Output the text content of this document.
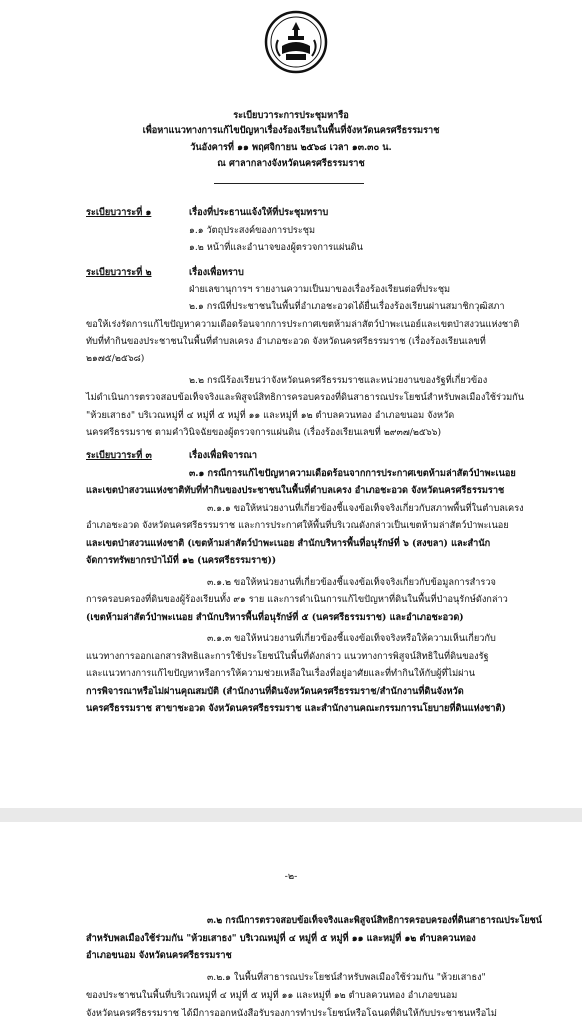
ระเบียบวาระการประชุมหารือ
เพื่อหาแนวทางการแก้ไขปัญหาเรื่องร้องเรียนในพื้นที่จังหวัดนครศรีธรรมราช
วันอังคารที่ ๑๑ พฤศจิกายน ๒๕๖๘ เวลา ๑๓.๓๐ น.
ณ ศาลากลางจังหวัดนครศรีธรรมราช
ระเบียบวาระที่ ๑	เรื่องที่ประธานแจ้งให้ที่ประชุมทราบ
๑.๑ วัตถุประสงค์ของการประชุม
๑.๒ หน้าที่และอำนาจของผู้ตรวจการแผ่นดิน
ระเบียบวาระที่ ๒	เรื่องเพื่อทราบ
ฝ่ายเลขานุการฯ รายงานความเป็นมาของเรื่องร้องเรียนต่อที่ประชุม
๒.๑ กรณีที่ประชาชนในพื้นที่อำเภอชะอวดได้ยื่นเรื่องร้องเรียนผ่านสมาชิกวุฒิสภา
ขอให้เร่งรัดการแก้ไขปัญหาความเดือดร้อนจากการประกาศเขตห้ามล่าสัตว์ป่าพะเนอย์และเขตป่าสงวนแห่งชาติ
ทับที่ทำกินของประชาชนในพื้นที่ตำบลเครง อำเภอชะอวด จังหวัดนครศรีธรรมราช (เรื่องร้องเรียนเลขที่
๒๑๗๕/๒๕๖๘)
๒.๒ กรณีร้องเรียนว่าจังหวัดนครศรีธรรมราชและหน่วยงานของรัฐที่เกี่ยวข้อง
ไม่ดำเนินการตรวจสอบข้อเท็จจริงและพิสูจน์สิทธิการครอบครองที่ดินสาธารณประโยชน์สำหรับพลเมืองใช้ร่วมกัน
"ห้วยเสาธง" บริเวณหมู่ที่ ๔ หมู่ที่ ๕ หมู่ที่ ๑๑ และหมู่ที่ ๑๒ ตำบลควนทอง อำเภอขนอม จังหวัด
นครศรีธรรมราช ตามคำวินิจฉัยของผู้ตรวจการแผ่นดิน (เรื่องร้องเรียนเลขที่ ๒๙๓๗/๒๕๖๖)
ระเบียบวาระที่ ๓	เรื่องเพื่อพิจารณา
๓.๑ กรณีการแก้ไขปัญหาความเดือดร้อนจากการประกาศเขตห้ามล่าสัตว์ป่าพะเนอย
และเขตป่าสงวนแห่งชาติทับที่ทำกินของประชาชนในพื้นที่ตำบลเครง อำเภอชะอวด จังหวัดนครศรีธรรมราช
๓.๑.๑ ขอให้หน่วยงานที่เกี่ยวข้องชี้แจงข้อเท็จจริงเกี่ยวกับสภาพพื้นที่ในตำบลเครง
อำเภอชะอวด จังหวัดนครศรีธรรมราช และการประกาศให้พื้นที่บริเวณดังกล่าวเป็นเขตห้ามล่าสัตว์ป่าพะเนอย
และเขตป่าสงวนแห่งชาติ (เขตห้ามล่าสัตว์ป่าพะเนอย สำนักบริหารพื้นที่อนุรักษ์ที่ ๖ (สงขลา) และสำนัก
จัดการทรัพยากรป่าไม้ที่ ๑๒ (นครศรีธรรมราช))
๓.๑.๒ ขอให้หน่วยงานที่เกี่ยวข้องชี้แจงข้อเท็จจริงเกี่ยวกับข้อมูลการสำรวจ
การครอบครองที่ดินของผู้ร้องเรียนทั้ง ๙๑ ราย และการดำเนินการแก้ไขปัญหาที่ดินในพื้นที่ป่าอนุรักษ์ดังกล่าว
(เขตห้ามล่าสัตว์ป่าพะเนอย สำนักบริหารพื้นที่อนุรักษ์ที่ ๕ (นครศรีธรรมราช) และอำเภอชะอวด)
๓.๑.๓ ขอให้หน่วยงานที่เกี่ยวข้องชี้แจงข้อเท็จจริงหรือให้ความเห็นเกี่ยวกับ
แนวทางการออกเอกสารสิทธิและการใช้ประโยชน์ในพื้นที่ดังกล่าว แนวทางการพิสูจน์สิทธิในที่ดินของรัฐ
และแนวทางการแก้ไขปัญหาหรือการให้ความช่วยเหลือในเรื่องที่อยู่อาศัยและที่ทำกินให้กับผู้ที่ไม่ผ่าน
การพิจารณาหรือไม่ผ่านคุณสมบัติ (สำนักงานที่ดินจังหวัดนครศรีธรรมราช/สำนักงานที่ดินจังหวัด
นครศรีธรรมราช สาขาชะอวด จังหวัดนครศรีธรรมราช และสำนักงานคณะกรรมการนโยบายที่ดินแห่งชาติ)
-๒-
๓.๒ กรณีการตรวจสอบข้อเท็จจริงและพิสูจน์สิทธิการครอบครองที่ดินสาธารณประโยชน์
สำหรับพลเมืองใช้ร่วมกัน "ห้วยเสาธง" บริเวณหมู่ที่ ๔ หมู่ที่ ๕ หมู่ที่ ๑๑ และหมู่ที่ ๑๒ ตำบลควนทอง
อำเภอขนอม จังหวัดนครศรีธรรมราช
๓.๒.๑ ในพื้นที่สาธารณประโยชน์สำหรับพลเมืองใช้ร่วมกัน "ห้วยเสาธง"
ของประชาชนในพื้นที่บริเวณหมู่ที่ ๔ หมู่ที่ ๕ หมู่ที่ ๑๑ และหมู่ที่ ๑๒ ตำบลควนทอง อำเภอขนอม
จังหวัดนครศรีธรรมราช ได้มีการออกหนังสือรับรองการทำประโยชน์หรือโฉนดที่ดินให้กับประชาชนหรือไม่
